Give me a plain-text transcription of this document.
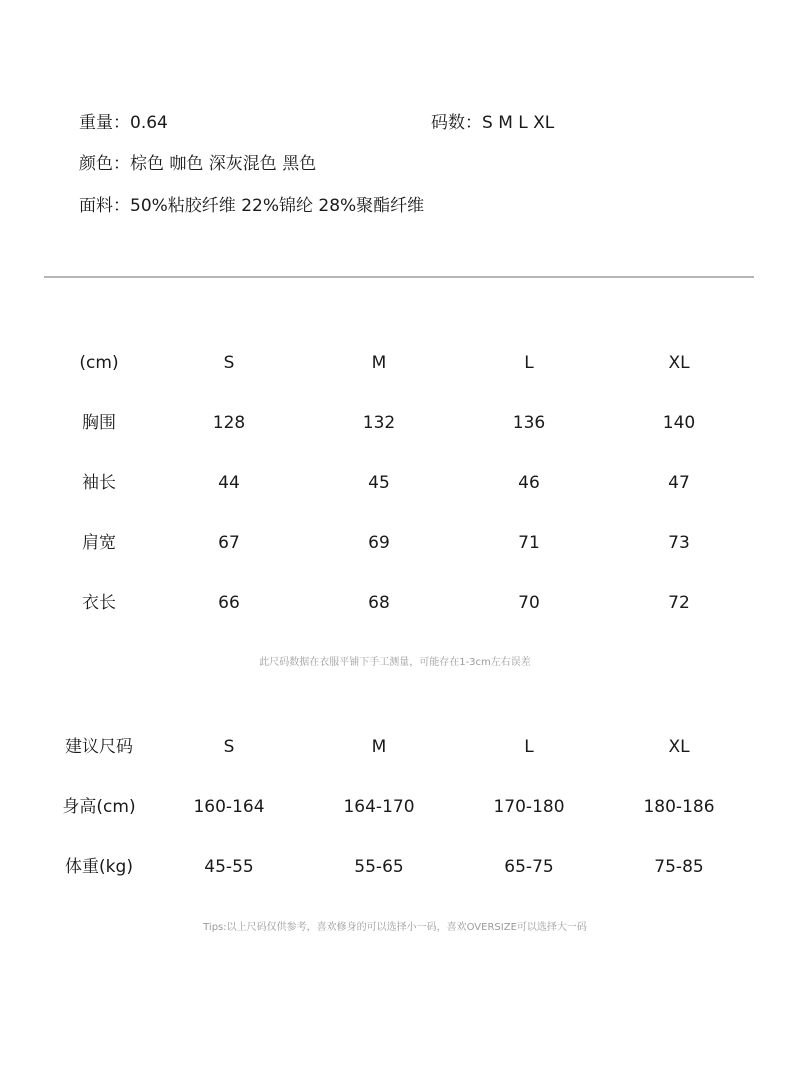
重量：0.64	码数：S M L XL
颜色：棕色 咖色 深灰混色 黑色
面料：50%粘胶纤维 22%锦纶 28%聚酯纤维
(cm)	S	M	L	XL
胸围	128	132	136	140
袖长	44	45	46	47
肩宽	67	69	71	73
衣长	66	68	70	72
此尺码数据在衣服平铺下手工测量，可能存在1-3cm左右误差
建议尺码	S	M	L	XL
身高(cm)	160-164	164-170	170-180	180-186
体重(kg)	45-55	55-65	65-75	75-85
Tips:以上尺码仅供参考，喜欢修身的可以选择小一码，喜欢OVERSIZE可以选择大一码
